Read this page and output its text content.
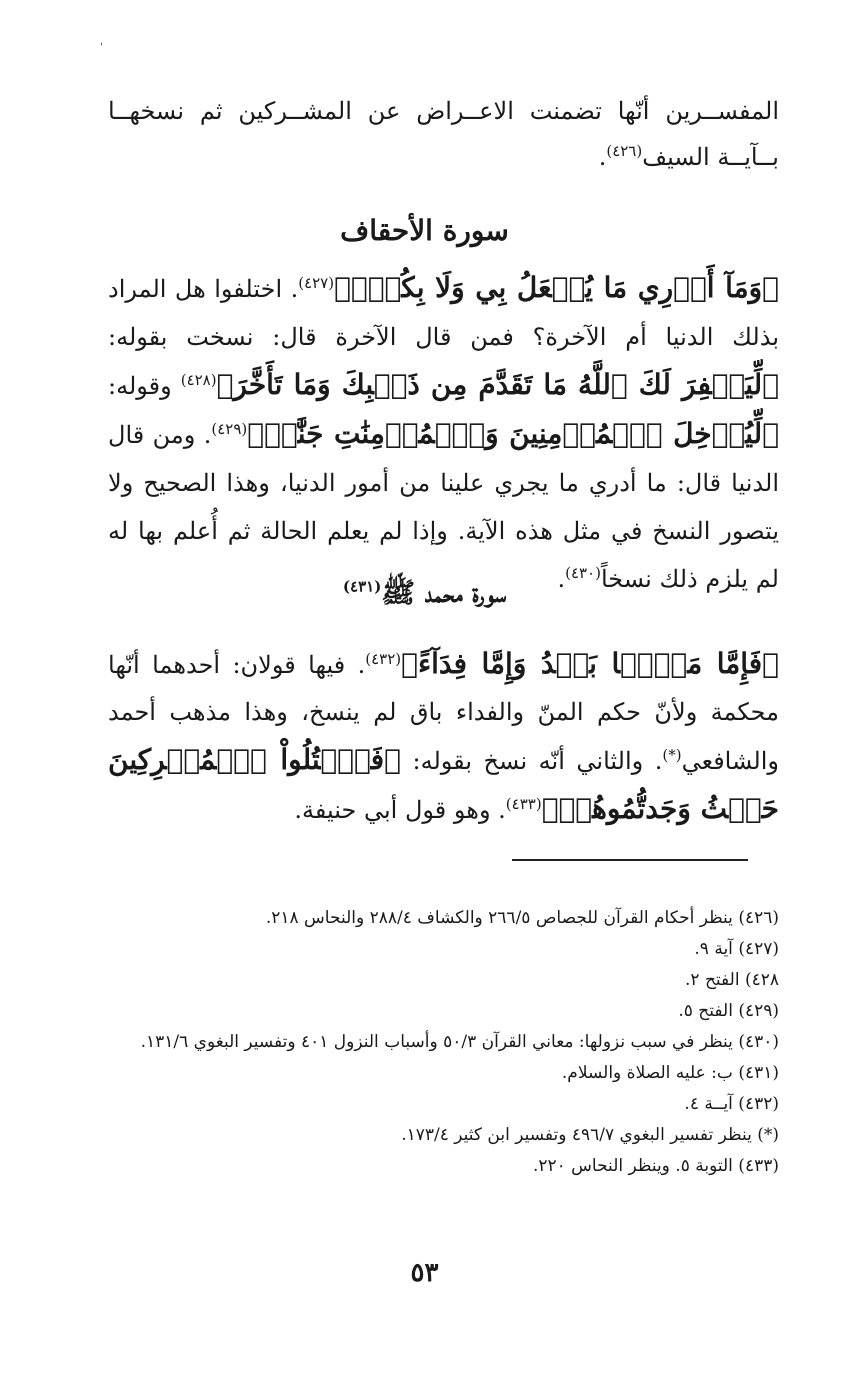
'
المفســرين أنّها تضمنت الاعــراض عن المشــركين ثم نسخهــا بــآيــة السيف$^{(٤٢٦)}$.
سورة الأحقاف
﴿وَمَآ أَدۡرِي مَا يُفۡعَلُ بِي وَلَا بِكُمۡۖ﴾$^{(٤٢٧)}$. اختلفوا هل المراد بذلك الدنيا أم الآخرة؟ فمن قال الآخرة قال: نسخت بقوله: ﴿لِّيَغۡفِرَ لَكَ ٱللَّهُ مَا تَقَدَّمَ مِن ذَنۢبِكَ وَمَا تَأَخَّرَ﴾$^{(٤٢٨)}$ وقوله: ﴿لِّيُدۡخِلَ ٱلۡمُؤۡمِنِينَ وَٱلۡمُؤۡمِنَٰتِ جَنَّٰتٖ﴾$^{(٤٢٩)}$. ومن قال الدنيا قال: ما أدري ما يجري علينا من أمور الدنيا، وهذا الصحيح ولا يتصور النسخ في مثل هذه الآية. وإذا لم يعلم الحالة ثم أُعلم بها له لم يلزم ذلك نسخاً$^{(٤٣٠)}$.
سورة محمد ﷺ$^{(٤٣١)}$
﴿فَإِمَّا مَنَّۢا بَعۡدُ وَإِمَّا فِدَآءً﴾$^{(٤٣٢)}$. فيها قولان: أحدهما أنّها محكمة ولأنّ حكم المنّ والفداء باق لم ينسخ، وهذا مذهب أحمد والشافعي(*). والثاني أنّه نسخ بقوله: ﴿فَٱقۡتُلُواْ ٱلۡمُشۡرِكِينَ حَيۡثُ وَجَدتُّمُوهُمۡ﴾$^{(٤٣٣)}$. وهو قول أبي حنيفة.
(٤٢٦) ينظر أحكام القرآن للجصاص ٢٦٦/٥ والكشاف ٢٨٨/٤ والنحاس ٢١٨.
(٤٢٧) آية ٩.
٤٢٨) الفتح ٢.
(٤٢٩) الفتح ٥.
(٤٣٠) ينظر في سبب نزولها: معاني القرآن ٥٠/٣ وأسباب النزول ٤٠١ وتفسير البغوي ١٣١/٦.
(٤٣١) ب: عليه الصلاة والسلام.
(٤٣٢) آيــة ٤.
(*) ينظر تفسير البغوي ٤٩٦/٧ وتفسير ابن كثير ١٧٣/٤.
(٤٣٣) التوبة ٥. وينظر النحاس ٢٢٠.
٥٣
